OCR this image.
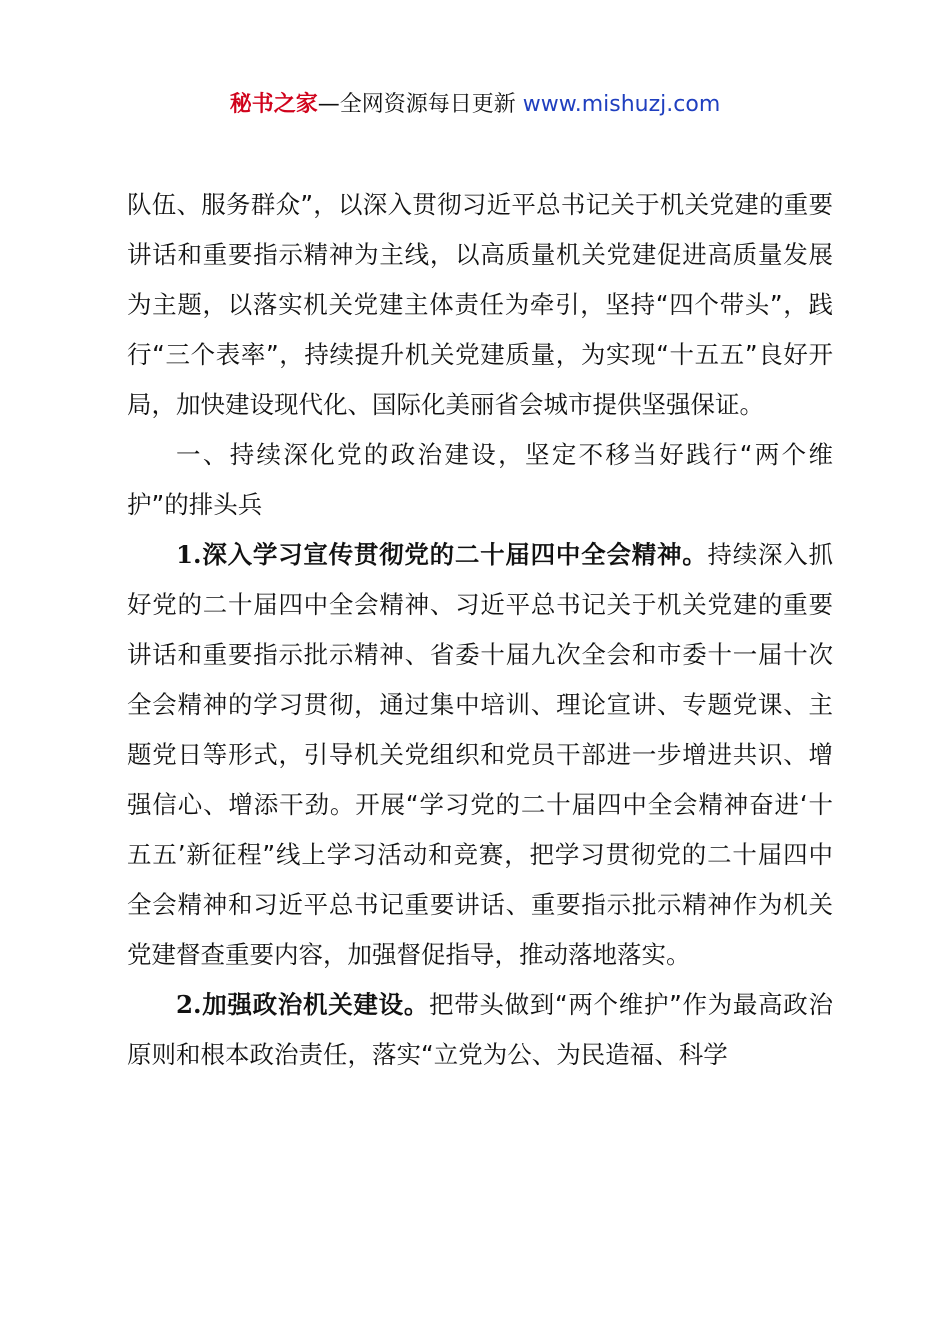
秘书之家—全网资源每日更新 www.mishuzj.com

队伍、服务群众”，以深入贯彻习近平总书记关于机关党建的重要讲话和重要指示精神为主线，以高质量机关党建促进高质量发展为主题，以落实机关党建主体责任为牵引，坚持“四个带头”，践行“三个表率”，持续提升机关党建质量，为实现“十五五”良好开局，加快建设现代化、国际化美丽省会城市提供坚强保证。

一、持续深化党的政治建设，坚定不移当好践行“两个维护”的排头兵

1.深入学习宣传贯彻党的二十届四中全会精神。持续深入抓好党的二十届四中全会精神、习近平总书记关于机关党建的重要讲话和重要指示批示精神、省委十届九次全会和市委十一届十次全会精神的学习贯彻，通过集中培训、理论宣讲、专题党课、主题党日等形式，引导机关党组织和党员干部进一步增进共识、增强信心、增添干劲。开展“学习党的二十届四中全会精神奋进‘十五五’新征程”线上学习活动和竞赛，把学习贯彻党的二十届四中全会精神和习近平总书记重要讲话、重要指示批示精神作为机关党建督查重要内容，加强督促指导，推动落地落实。

2.加强政治机关建设。把带头做到“两个维护”作为最高政治原则和根本政治责任，落实“立党为公、为民造福、科学
